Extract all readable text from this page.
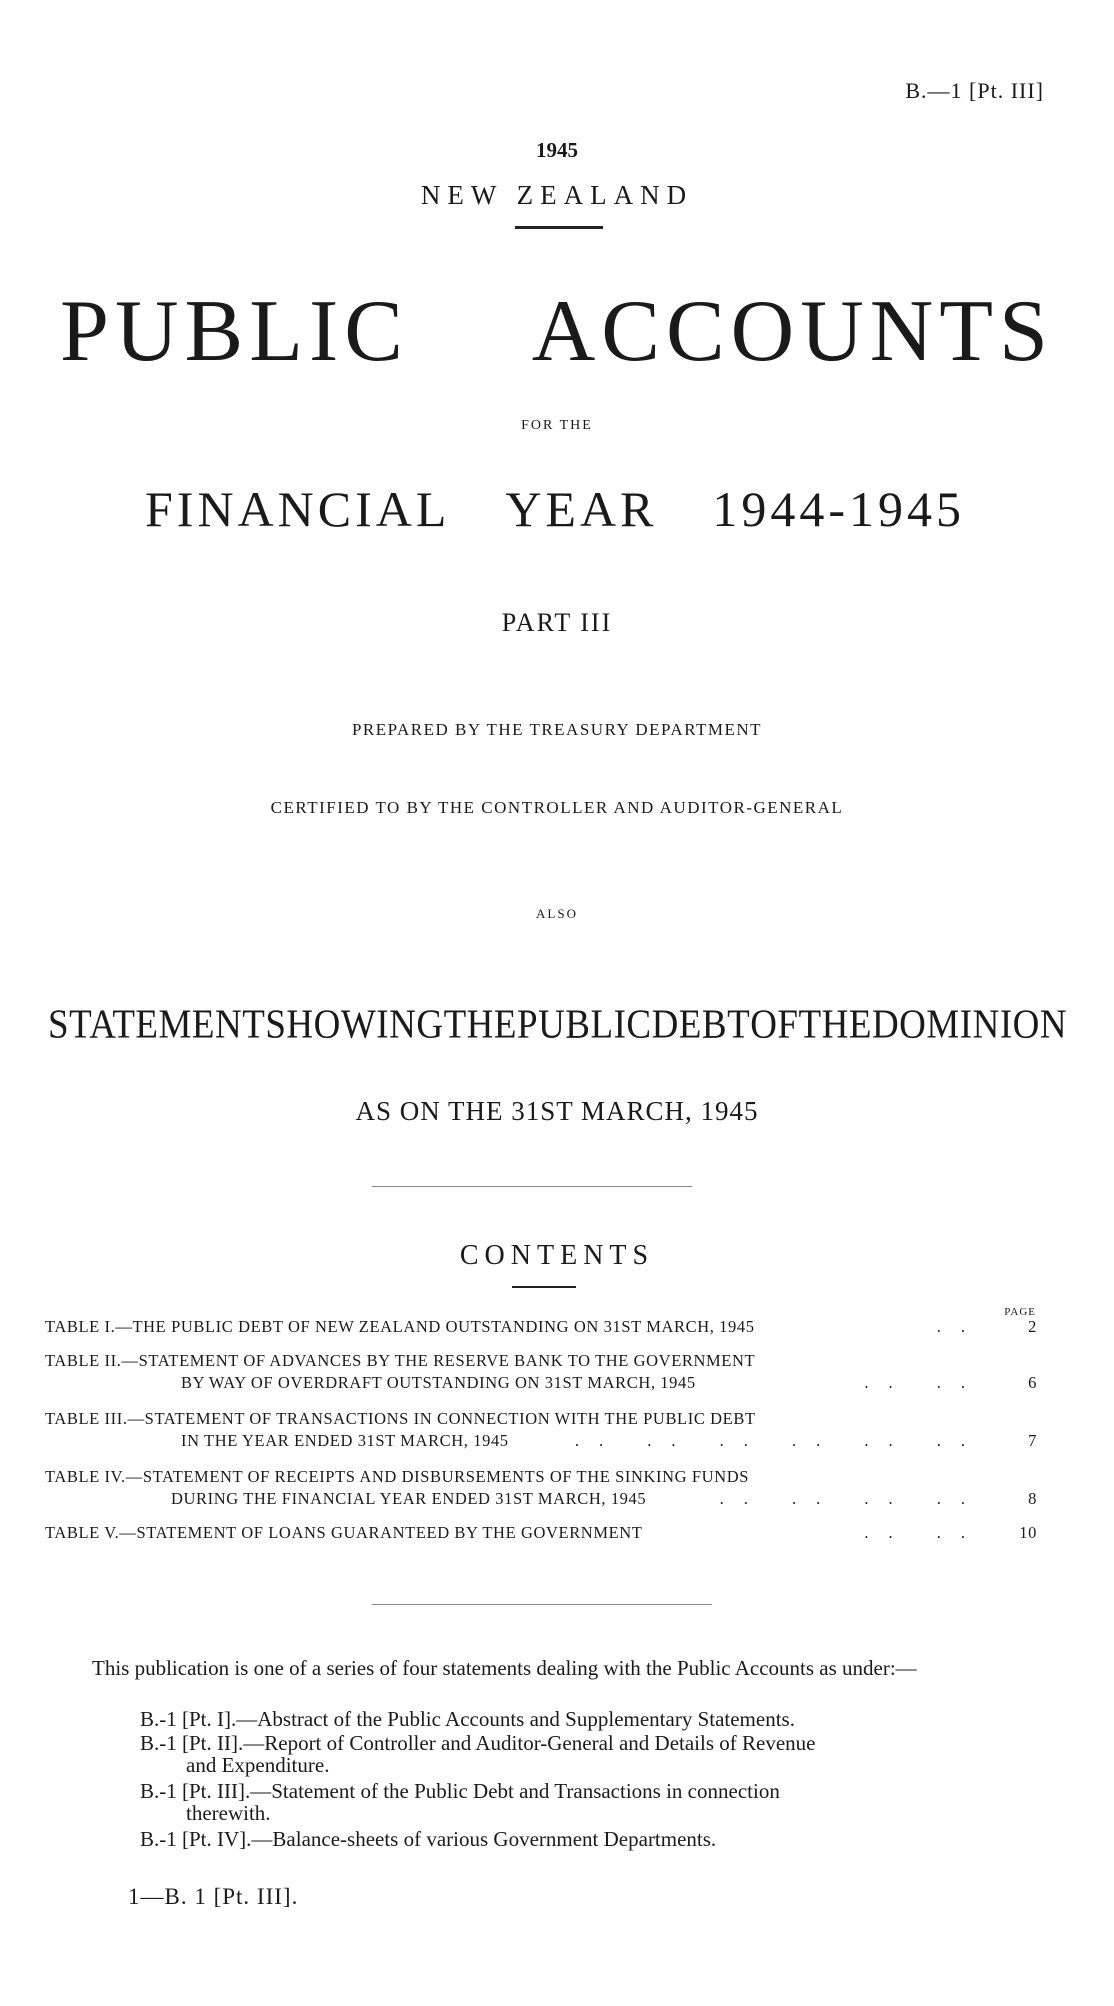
B.—1 [Pt. III]
1945
NEW ZEALAND
PUBLIC ACCOUNTS
FOR THE
FINANCIAL YEAR 1944-1945
PART III
PREPARED BY THE TREASURY DEPARTMENT
CERTIFIED TO BY THE CONTROLLER AND AUDITOR-GENERAL
ALSO
STATEMENT SHOWING THE PUBLIC DEBT OF THE DOMINION
AS ON THE 31ST MARCH, 1945
CONTENTS
PAGE
TABLE I.—THE PUBLIC DEBT OF NEW ZEALAND OUTSTANDING ON 31ST MARCH, 1945	..	2
TABLE II.—STATEMENT OF ADVANCES BY THE RESERVE BANK TO THE GOVERNMENT
BY WAY OF OVERDRAFT OUTSTANDING ON 31ST MARCH, 1945	.. ..	6
TABLE III.—STATEMENT OF TRANSACTIONS IN CONNECTION WITH THE PUBLIC DEBT
IN THE YEAR ENDED 31ST MARCH, 1945	.. .. .. .. .. ..	7
TABLE IV.—STATEMENT OF RECEIPTS AND DISBURSEMENTS OF THE SINKING FUNDS
DURING THE FINANCIAL YEAR ENDED 31ST MARCH, 1945	.. .. .. ..	8
TABLE V.—STATEMENT OF LOANS GUARANTEED BY THE GOVERNMENT	.. .. 10

This publication is one of a series of four statements dealing with the Public Accounts as under:—

B.-1 [Pt. I].—Abstract of the Public Accounts and Supplementary Statements.
B.-1 [Pt. II].—Report of Controller and Auditor-General and Details of Revenue
and Expenditure.
B.-1 [Pt. III].—Statement of the Public Debt and Transactions in connection
therewith.
B.-1 [Pt. IV].—Balance-sheets of various Government Departments.
1—B. 1 [Pt. III].
